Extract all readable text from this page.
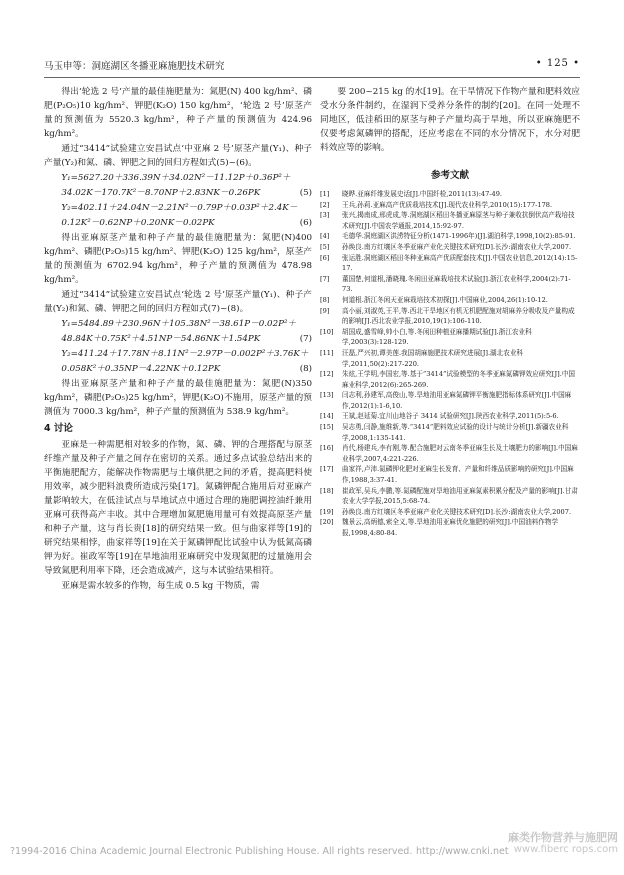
马玉申等：洞庭湖区冬播亚麻施肥技术研究	• 125 •

得出‘轮选 2 号’产量的最佳施肥量为：氮肥(N) 400 kg/hm²、磷肥(P₂O₅)10 kg/hm²、钾肥(K₂O) 150 kg/hm²，‘轮选 2 号’原茎产量的预测值为 5520.3 kg/hm²，种子产量的预测值为 424.96 kg/hm²。

通过“3414”试验建立安昌试点‘中亚麻 2 号’原茎产量(Y₁)、种子产量(Y₂)和氮、磷、钾肥之间的回归方程如式(5)~(6)。

Y₁=5627.20＋336.39N＋34.02N²－11.12P＋0.36P²＋
34.02K－170.7K²－8.70NP＋2.83NK－0.26PK	(5)
Y₂=402.11＋24.04N－2.21N²－0.79P＋0.03P²＋2.4K－
0.12K²－0.62NP＋0.20NK－0.02PK	(6)

得出亚麻原茎产量和种子产量的最佳施肥量为：氮肥(N)400 kg/hm²、磷肥(P₂O₅)15 kg/hm²、钾肥(K₂O) 125 kg/hm²，原茎产量的预测值为 6702.94 kg/hm²，种子产量的预测值为 478.98 kg/hm²。

通过“3414”试验建立安昌试点‘轮选 2 号’原茎产量(Y₁)、种子产量(Y₂)和氮、磷、钾肥之间的回归方程如式(7)~(8)。

Y₁=5484.89＋230.96N＋105.38N²－38.61P－0.02P²＋
48.84K＋0.75K²＋4.51NP－54.86NK＋1.54PK	(7)
Y₂=411.24＋17.78N＋8.11N²－2.97P－0.002P²＋3.76K＋
0.058K²＋0.35NP－4.22NK＋0.12PK	(8)

得出亚麻原茎产量和种子产量的最佳施肥量为：氮肥(N)350 kg/hm²，磷肥(P₂O₅)25 kg/hm²，钾肥(K₂O)不施用，原茎产量的预测值为 7000.3 kg/hm²，种子产量的预测值为 538.9 kg/hm²。

4 讨论

亚麻是一种需肥相对较多的作物，氮、磷、钾的合理搭配与原茎纤维产量及种子产量之间存在密切的关系。通过多点试验总结出来的平衡施肥配方，能解决作物需肥与土壤供肥之间的矛盾，提高肥料使用效率，减少肥料浪费所造成污染[17]。氮磷钾配合施用后对亚麻产量影响较大，在低洼试点与旱地试点中通过合理的施肥调控油纤兼用亚麻可获得高产丰收。其中合理增加氮肥施用量可有效提高原茎产量和种子产量，这与肖长贵[18]的研究结果一致。但与曲家祥等[19]的研究结果相悖，曲家祥等[19]在关于氮磷钾配比试验中认为低氮高磷钾为好。崔政军等[19]在旱地油用亚麻研究中发现氮肥的过量施用会导致氮肥利用率下降，还会造成减产，这与本试验结果相符。

亚麻是需水较多的作物，每生成 0.5 kg 干物质，需

要 200~215 kg 的水[19]。在干旱情况下作物产量和肥料效应受水分条件制约，在湿润下受养分条件的制约[20]。在同一处理不同地区，低洼稻田的原茎与种子产量均高于旱地，所以亚麻施肥不仅要考虑氮磷钾的搭配，还应考虑在不同的水分情况下，水分对肥料效应等的影响。

参考文献
[1]	晓晔.亚麻纤维发展史话[J].中国纤检,2011(13):47-49.
[2]	王兵,孙莉.亚麻高产优质栽培技术[J].现代农业科学,2010(15):177-178.
[3]	张兴,揭南成,邢虎成,等.洞庭湖区稻田冬播亚麻原茎与种子兼收抗倒伏高产栽培技术研究[J].中国农学通报,2014,15:92-97.
[4]	毛德华.洞庭湖区洪涝特征分析(1471-1996年)[J].湖泊科学,1998,10(2):85-91.
[5]	孙焕良.南方红壤区冬季亚麻产业化关键技术研究[D].长沙:湖南农业大学,2007.
[6]	张运胜.洞庭湖区稻田冬种亚麻高产优质配套技术[J].中国农业信息,2012(14):15-17.
[7]	董国楚,何道根,潘晓瑰.冬闲田亚麻栽培技术试验[J].浙江农业科学,2004(2):71-73.
[8]	何道根.浙江冬闲天亚麻栽培技术初探[J].中国麻业,2004,26(1):10-12.
[9]	高小丽,刘淑英,王平,等.西北干旱地区有机无机肥配施对胡麻养分吸收及产量构成的影响[J].西北农业学报,2010,19(1):106-110.
[10]	胡国成,盛雪峰,帅小白,等.冬闲田种植亚麻播期试验[J].浙江农业科学,2003(3):128-129.
[11]	汪磊,严兴初,谭美莲.我国胡麻施肥技术研究进展[J].湖北农业科学,2011,50(2):217-220.
[12]	朱炫,王学明,李国宏,等.基于“3414”试验模型的冬季亚麻氮磷钾效应研究[J].中国麻业科学,2012(6):265-269.
[13]	闫志利,孙建军,高俊山,等.旱地油用亚麻氮磷钾平衡施肥指标体系研究[J].中国麻作,2012(1):1-6,10.
[14]	王斌,赵延菊.宜川山地谷子 3414 试验研究[J].陕西农业科学,2011(5):5-6.
[15]	吴志勇,闫静,施维新,等.“3414”肥料效应试验的设计与统计分析[J].新疆农业科学,2008,1:135-141.
[16]	肖代,杨建兵,李有刚,等.配合施肥对云南冬季亚麻生长及土壤肥力的影响[J].中国麻业科学,2007,4:221-226.
[17]	曲家祥,卢沛.氮磷钾化肥对亚麻生长发育、产量和纤维品质影响的研究[J].中国麻作,1988,3:37-41.
[18]	崔政军,吴兵,李鹏,等.氮磷配施对旱地油用亚麻氮素积累分配及产量的影响[J].甘肃农业大学学报,2015,5:68-74.
[19]	孙焕良.南方红壤区冬季亚麻产业化关键技术研究[D].长沙:湖南农业大学,2007.
[20]	魏景云,高炳德,索全义,等.旱地油用亚麻优化施肥的研究[J].中国油料作物学报,1998,4:80-84.
?1994-2016 China Academic Journal Electronic Publishing House. All rights reserved. http://www.cnki.net
麻类作物营养与施肥网
www.fiberc rops.com
